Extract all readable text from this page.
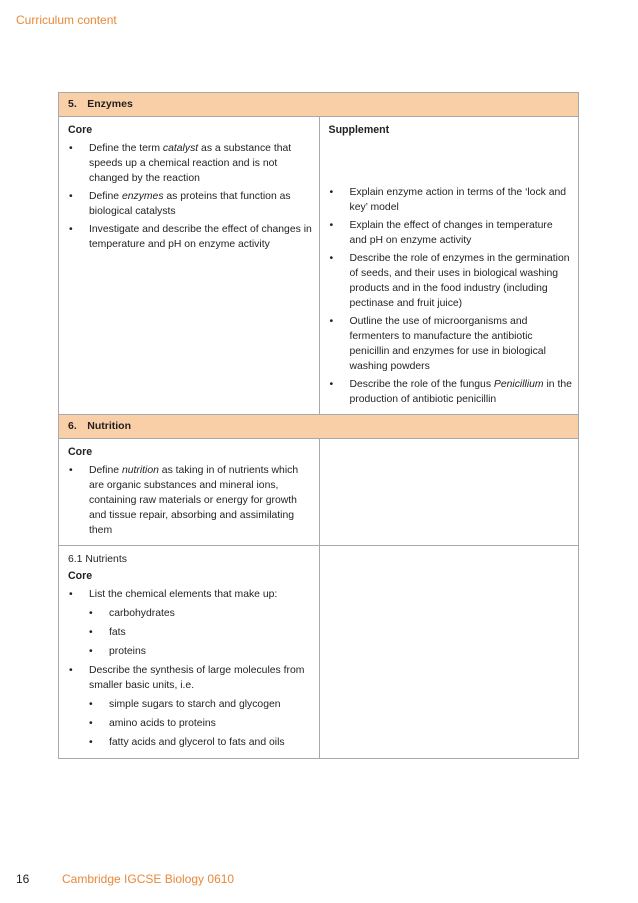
Curriculum content
5. Enzymes
Core
• Define the term catalyst as a substance that speeds up a chemical reaction and is not changed by the reaction
• Define enzymes as proteins that function as biological catalysts
• Investigate and describe the effect of changes in temperature and pH on enzyme activity
Supplement
• Explain enzyme action in terms of the ‘lock and key’ model
• Explain the effect of changes in temperature and pH on enzyme activity
• Describe the role of enzymes in the germination of seeds, and their uses in biological washing products and in the food industry (including pectinase and fruit juice)
• Outline the use of microorganisms and fermenters to manufacture the antibiotic penicillin and enzymes for use in biological washing powders
• Describe the role of the fungus Penicillium in the production of antibiotic penicillin
6. Nutrition
Core
• Define nutrition as taking in of nutrients which are organic substances and mineral ions, containing raw materials or energy for growth and tissue repair, absorbing and assimilating them
6.1 Nutrients
Core
• List the chemical elements that make up:
• carbohydrates
• fats
• proteins
• Describe the synthesis of large molecules from smaller basic units, i.e.
• simple sugars to starch and glycogen
• amino acids to proteins
• fatty acids and glycerol to fats and oils
16	Cambridge IGCSE Biology 0610
